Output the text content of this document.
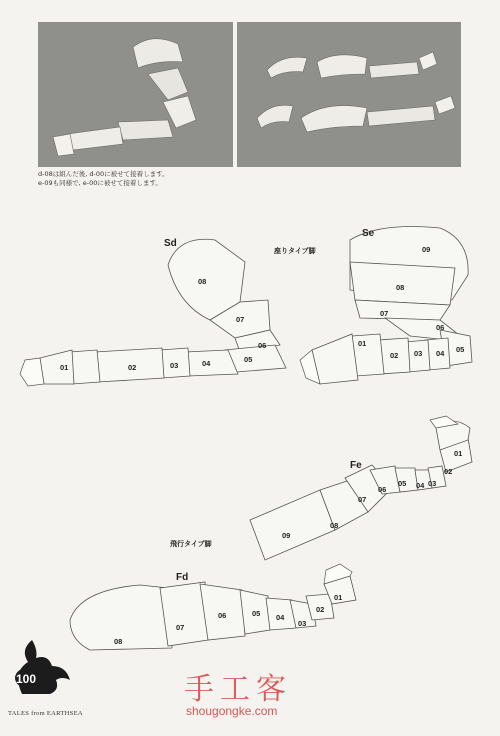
d-08は組んだ後, d-00に被せて接着します。
e-09も同様で, e-00に被せて接着します。
Sd
Se
Fe
Fd
座りタイプ脚
飛行タイプ脚
01	02	03	04	05
06
07
08
01
02 03 04 05
06
07
08
09
01
02
03
04
05
06
07
08
09
01
02
03
04
05
06
07
08
100
TALES from EARTHSEA
手工客
shougongke.com
